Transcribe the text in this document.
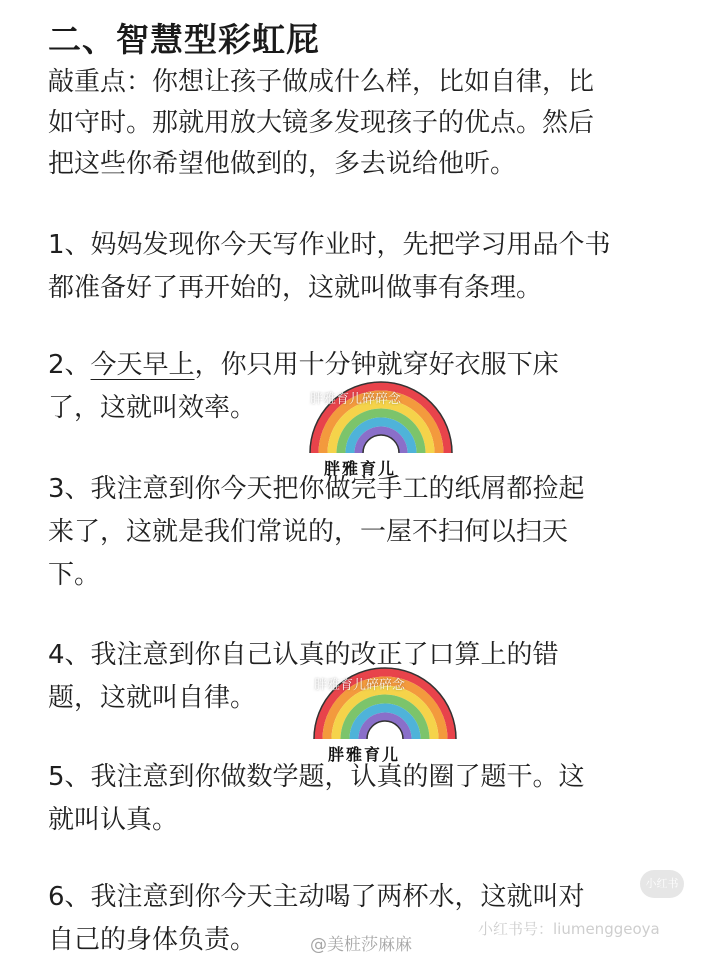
二、智慧型彩虹屁
敲重点：你想让孩子做成什么样，比如自律，比
如守时。那就用放大镜多发现孩子的优点。然后
把这些你希望他做到的，多去说给他听。
1、妈妈发现你今天写作业时，先把学习用品个书
都准备好了再开始的，这就叫做事有条理。
2、今天早上，你只用十分钟就穿好衣服下床
了，这就叫效率。
3、我注意到你今天把你做完手工的纸屑都捡起
来了，这就是我们常说的，一屋不扫何以扫天
下。
4、我注意到你自己认真的改正了口算上的错
题，这就叫自律。
5、我注意到你做数学题，认真的圈了题干。这
就叫认真。
6、我注意到你今天主动喝了两杯水，这就叫对
自己的身体负责。
胖雅育儿碎碎念
胖雅育儿
胖雅育儿碎碎念
胖雅育儿
小红书
小红书号：liumenggeoya
@美桩莎麻麻
